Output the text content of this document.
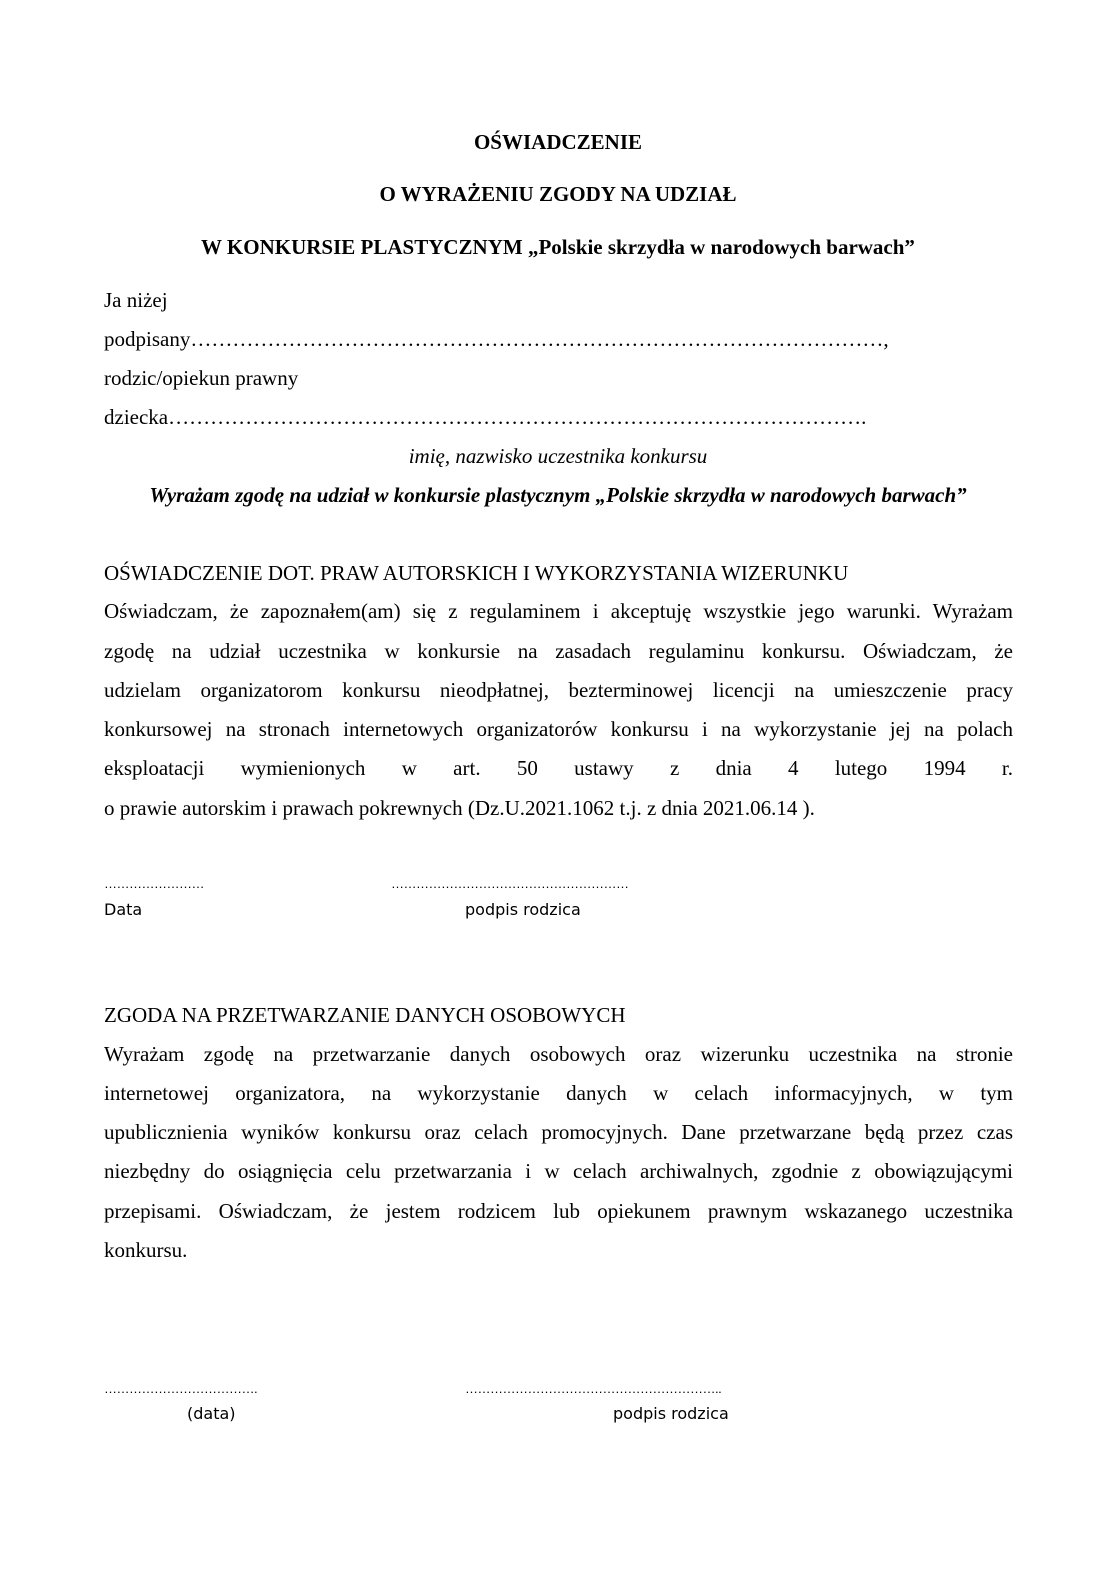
OŚWIADCZENIE
O WYRAŻENIU ZGODY NA UDZIAŁ
W KONKURSIE PLASTYCZNYM „Polskie skrzydła w narodowych barwach”
Ja niżej
podpisany………………………………………………………………………………………,
rodzic/opiekun prawny
dziecka……………………………………………………………………………………….
imię, nazwisko uczestnika konkursu
Wyrażam zgodę na udział w konkursie plastycznym „Polskie skrzydła w narodowych barwach”
OŚWIADCZENIE DOT. PRAW AUTORSKICH I WYKORZYSTANIA WIZERUNKU
Oświadczam, że zapoznałem(am) się z regulaminem i akceptuję wszystkie jego warunki. Wyrażam
zgodę na udział uczestnika w konkursie na zasadach regulaminu konkursu. Oświadczam, że
udzielam organizatorom konkursu nieodpłatnej, bezterminowej licencji na umieszczenie pracy
konkursowej na stronach internetowych organizatorów konkursu i na wykorzystanie jej na polach
eksploatacji wymienionych w art. 50 ustawy z dnia 4 lutego 1994 r.
o prawie autorskim i prawach pokrewnych (Dz.U.2021.1062 t.j. z dnia 2021.06.14 ).
……………………
Data
…………………………………………………
podpis rodzica
ZGODA NA PRZETWARZANIE DANYCH OSOBOWYCH
Wyrażam zgodę na przetwarzanie danych osobowych oraz wizerunku uczestnika na stronie
internetowej organizatora, na wykorzystanie danych w celach informacyjnych, w tym
upublicznienia wyników konkursu oraz celach promocyjnych. Dane przetwarzane będą przez czas
niezbędny do osiągnięcia celu przetwarzania i w celach archiwalnych, zgodnie z obowiązującymi
przepisami. Oświadczam, że jestem rodzicem lub opiekunem prawnym wskazanego uczestnika
konkursu.
……………………………….
(data)
……………………………………………………..
podpis rodzica
